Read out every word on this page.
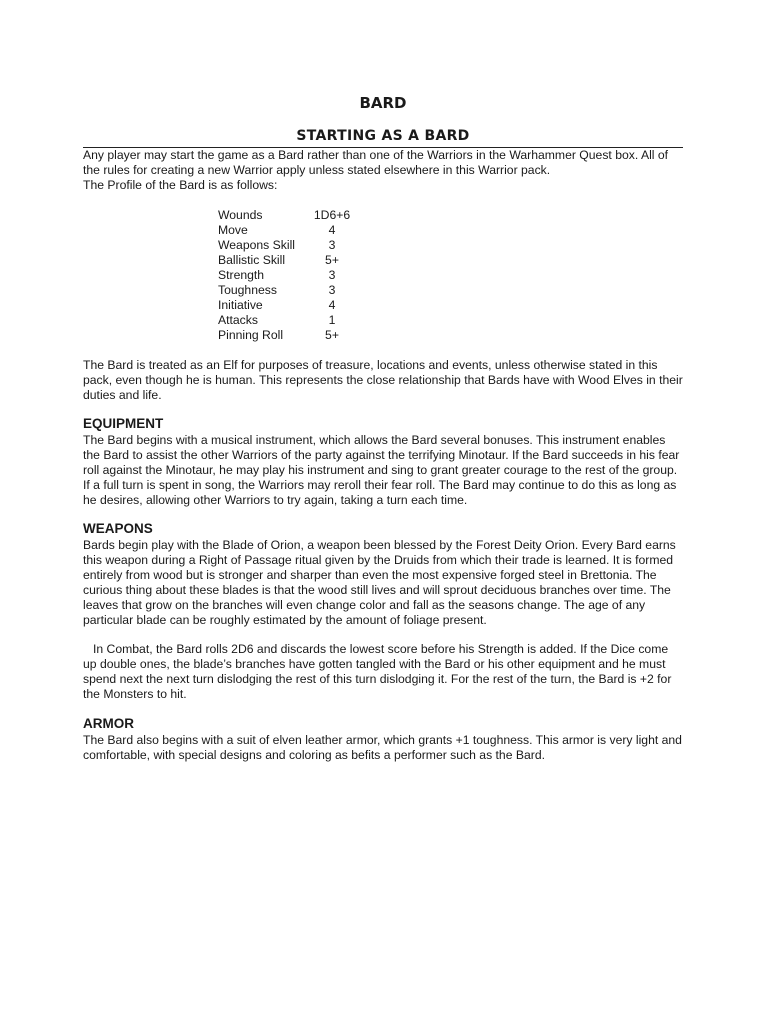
BARD
STARTING AS A BARD

Any player may start the game as a Bard rather than one of the Warriors in the Warhammer Quest box. All of the rules for creating a new Warrior apply unless stated elsewhere in this Warrior pack.

The Profile of the Bard is as follows:

Wounds	1D6+6
Move	4
Weapons Skill	3
Ballistic Skill	5+
Strength	3
Toughness	3
Initiative	4
Attacks	1
Pinning Roll	5+

The Bard is treated as an Elf for purposes of treasure, locations and events, unless otherwise stated in this pack, even though he is human. This represents the close relationship that Bards have with Wood Elves in their duties and life.

EQUIPMENT

The Bard begins with a musical instrument, which allows the Bard several bonuses. This instrument enables the Bard to assist the other Warriors of the party against the terrifying Minotaur. If the Bard succeeds in his fear roll against the Minotaur, he may play his instrument and sing to grant greater courage to the rest of the group. If a full turn is spent in song, the Warriors may reroll their fear roll. The Bard may continue to do this as long as he desires, allowing other Warriors to try again, taking a turn each time.

WEAPONS

Bards begin play with the Blade of Orion, a weapon been blessed by the Forest Deity Orion. Every Bard earns this weapon during a Right of Passage ritual given by the Druids from which their trade is learned. It is formed entirely from wood but is stronger and sharper than even the most expensive forged steel in Brettonia. The curious thing about these blades is that the wood still lives and will sprout deciduous branches over time. The leaves that grow on the branches will even change color and fall as the seasons change. The age of any particular blade can be roughly estimated by the amount of foliage present.

In Combat, the Bard rolls 2D6 and discards the lowest score before his Strength is added. If the Dice come up double ones, the blade’s branches have gotten tangled with the Bard or his other equipment and he must spend next the next turn dislodging the rest of this turn dislodging it. For the rest of the turn, the Bard is +2 for the Monsters to hit.

ARMOR

The Bard also begins with a suit of elven leather armor, which grants +1 toughness. This armor is very light and comfortable, with special designs and coloring as befits a performer such as the Bard.
